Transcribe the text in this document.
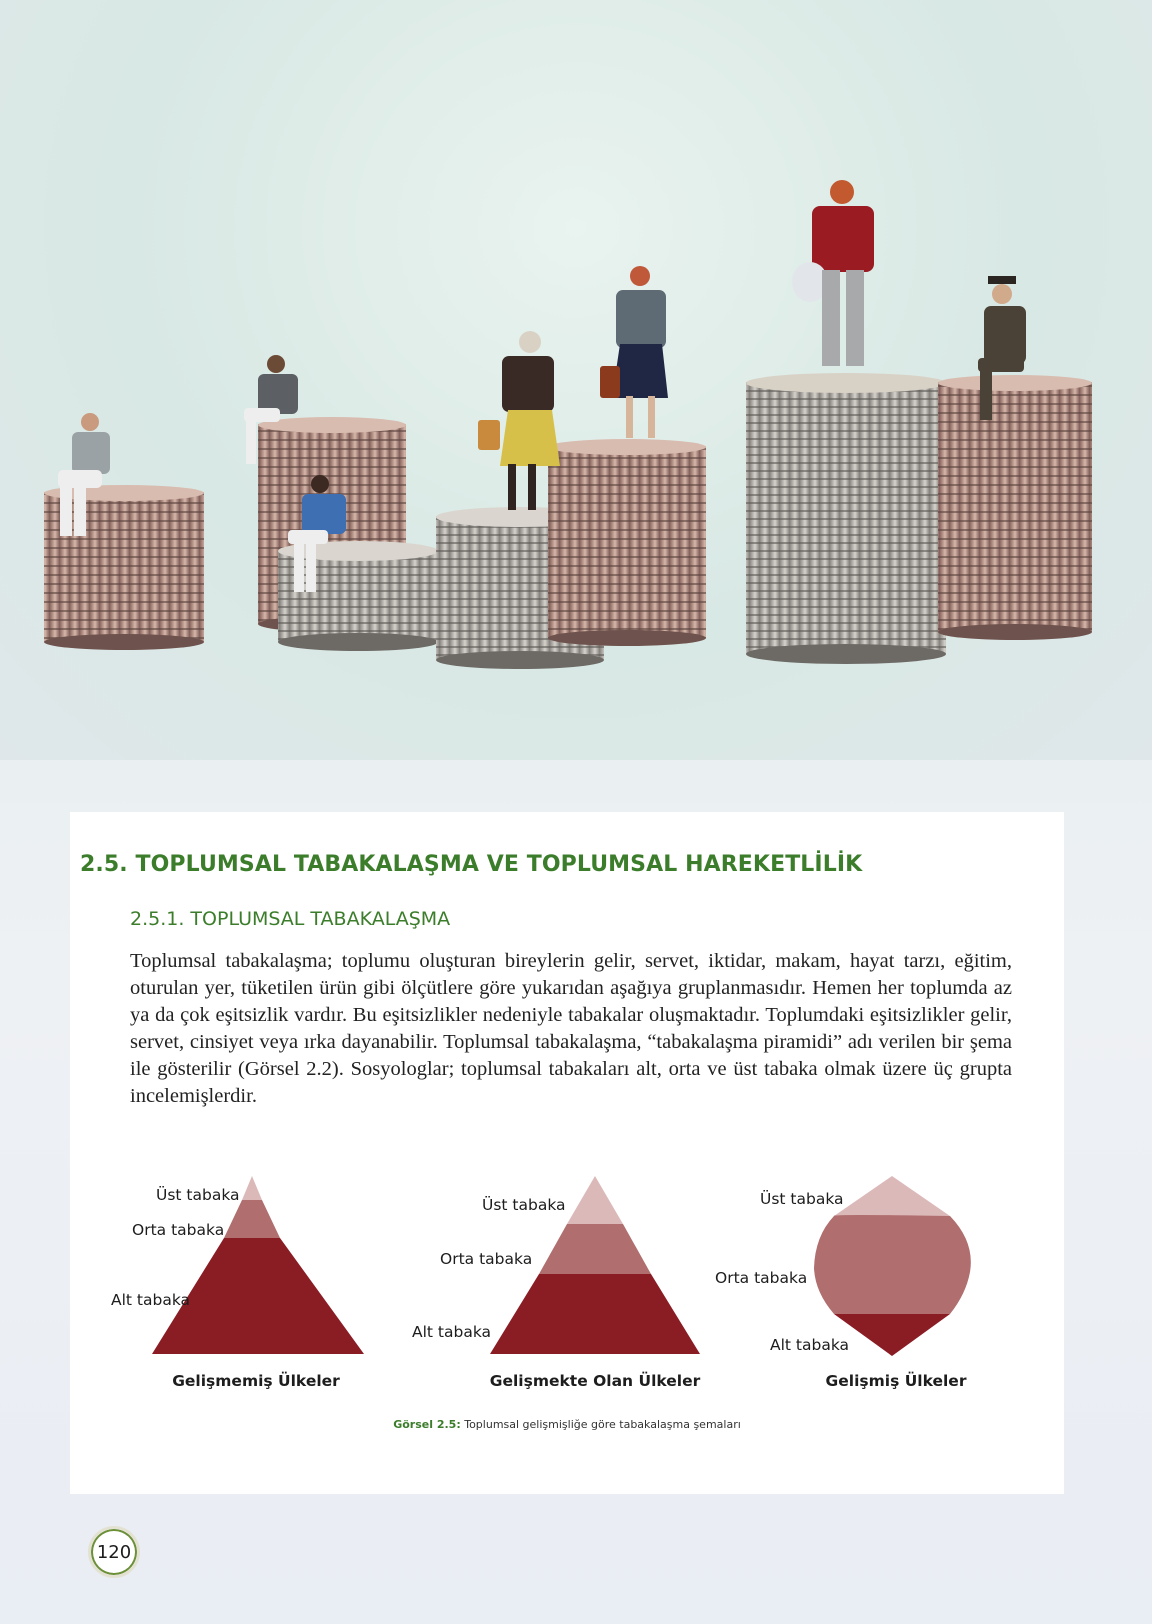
2.5. TOPLUMSAL TABAKALAŞMA VE TOPLUMSAL HAREKETLİLİK
2.5.1. TOPLUMSAL TABAKALAŞMA

Toplumsal tabakalaşma; toplumu oluşturan bireylerin gelir, servet, iktidar, makam, hayat tarzı, eğitim, oturulan yer, tüketilen ürün gibi ölçütlere göre yukarıdan aşağıya gruplanmasıdır. Hemen her toplumda az ya da çok eşitsizlik vardır. Bu eşitsizlikler nedeniyle tabakalar oluşmaktadır. Toplumdaki eşitsizlikler gelir, servet, cinsiyet veya ırka dayanabilir. Toplumsal tabakalaşma, “tabakalaşma piramidi” adı verilen bir şema ile gösterilir (Görsel 2.2). Sosyologlar; toplumsal tabakaları alt, orta ve üst tabaka olmak üzere üç grupta incelemişlerdir.

Üst tabaka
Orta tabaka
Alt tabaka
Gelişmemiş Ülkeler
Üst tabaka
Orta tabaka
Alt tabaka
Gelişmekte Olan Ülkeler
Üst tabaka
Orta tabaka
Alt tabaka
Gelişmiş Ülkeler

Görsel 2.5: Toplumsal gelişmişliğe göre tabakalaşma şemaları

120
